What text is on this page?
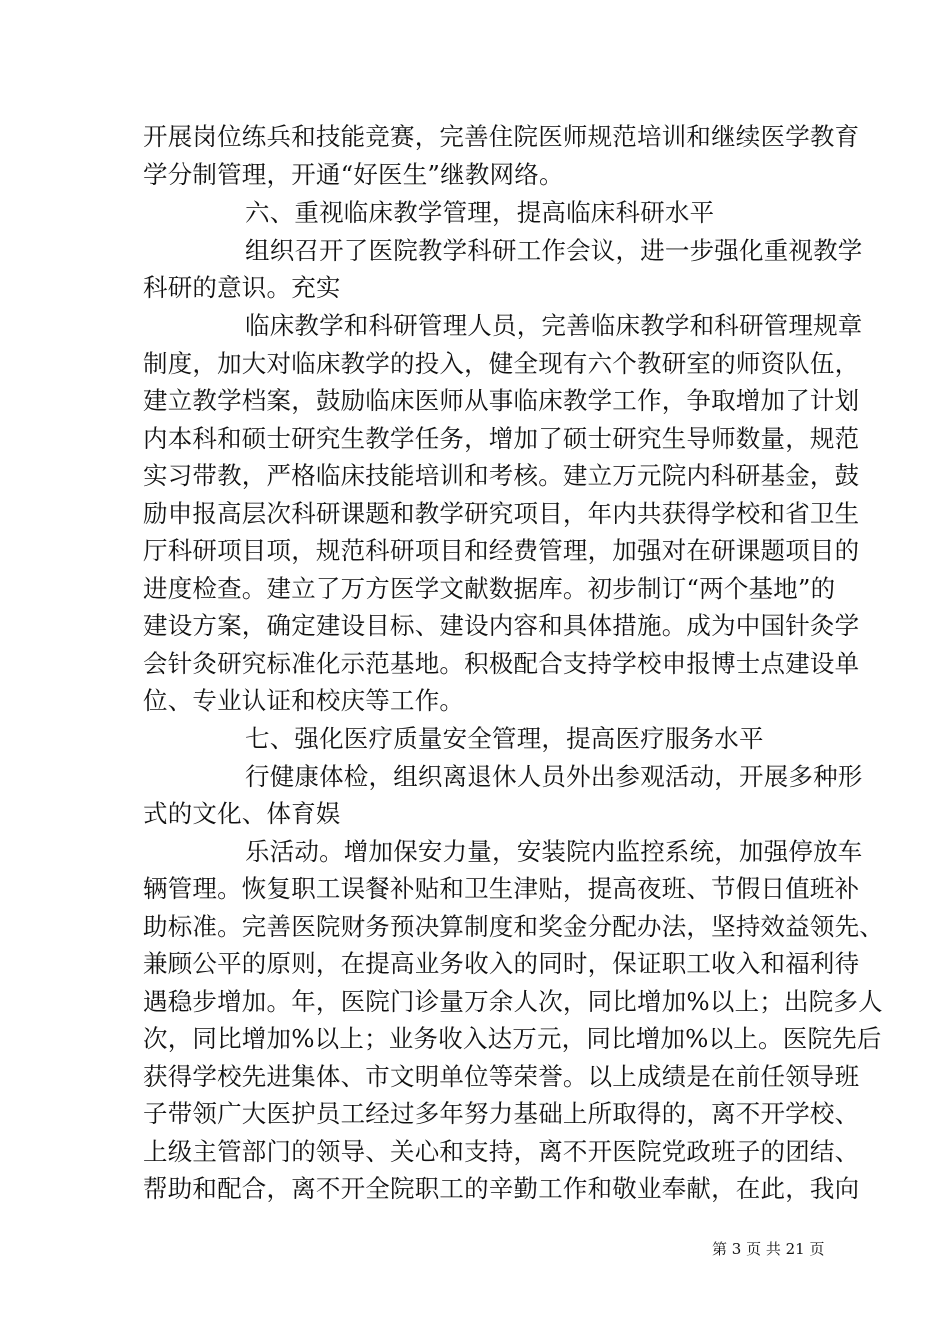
开展岗位练兵和技能竞赛，完善住院医师规范培训和继续医学教育
学分制管理，开通“好医生”继教网络。
六、重视临床教学管理，提高临床科研水平
组织召开了医院教学科研工作会议，进一步强化重视教学
科研的意识。充实
临床教学和科研管理人员，完善临床教学和科研管理规章
制度，加大对临床教学的投入，健全现有六个教研室的师资队伍，
建立教学档案，鼓励临床医师从事临床教学工作，争取增加了计划
内本科和硕士研究生教学任务，增加了硕士研究生导师数量，规范
实习带教，严格临床技能培训和考核。建立万元院内科研基金，鼓
励申报高层次科研课题和教学研究项目，年内共获得学校和省卫生
厅科研项目项，规范科研项目和经费管理，加强对在研课题项目的
进度检查。建立了万方医学文献数据库。初步制订“两个基地”的
建设方案，确定建设目标、建设内容和具体措施。成为中国针灸学
会针灸研究标准化示范基地。积极配合支持学校申报博士点建设单
位、专业认证和校庆等工作。
七、强化医疗质量安全管理，提高医疗服务水平
行健康体检，组织离退休人员外出参观活动，开展多种形
式的文化、体育娱
乐活动。增加保安力量，安装院内监控系统，加强停放车
辆管理。恢复职工误餐补贴和卫生津贴，提高夜班、节假日值班补
助标准。完善医院财务预决算制度和奖金分配办法，坚持效益领先、
兼顾公平的原则，在提高业务收入的同时，保证职工收入和福利待
遇稳步增加。年，医院门诊量万余人次，同比增加%以上；出院多人
次，同比增加%以上；业务收入达万元，同比增加%以上。医院先后
获得学校先进集体、市文明单位等荣誉。以上成绩是在前任领导班
子带领广大医护员工经过多年努力基础上所取得的，离不开学校、
上级主管部门的领导、关心和支持，离不开医院党政班子的团结、
帮助和配合，离不开全院职工的辛勤工作和敬业奉献，在此，我向
第 3 页 共 21 页
